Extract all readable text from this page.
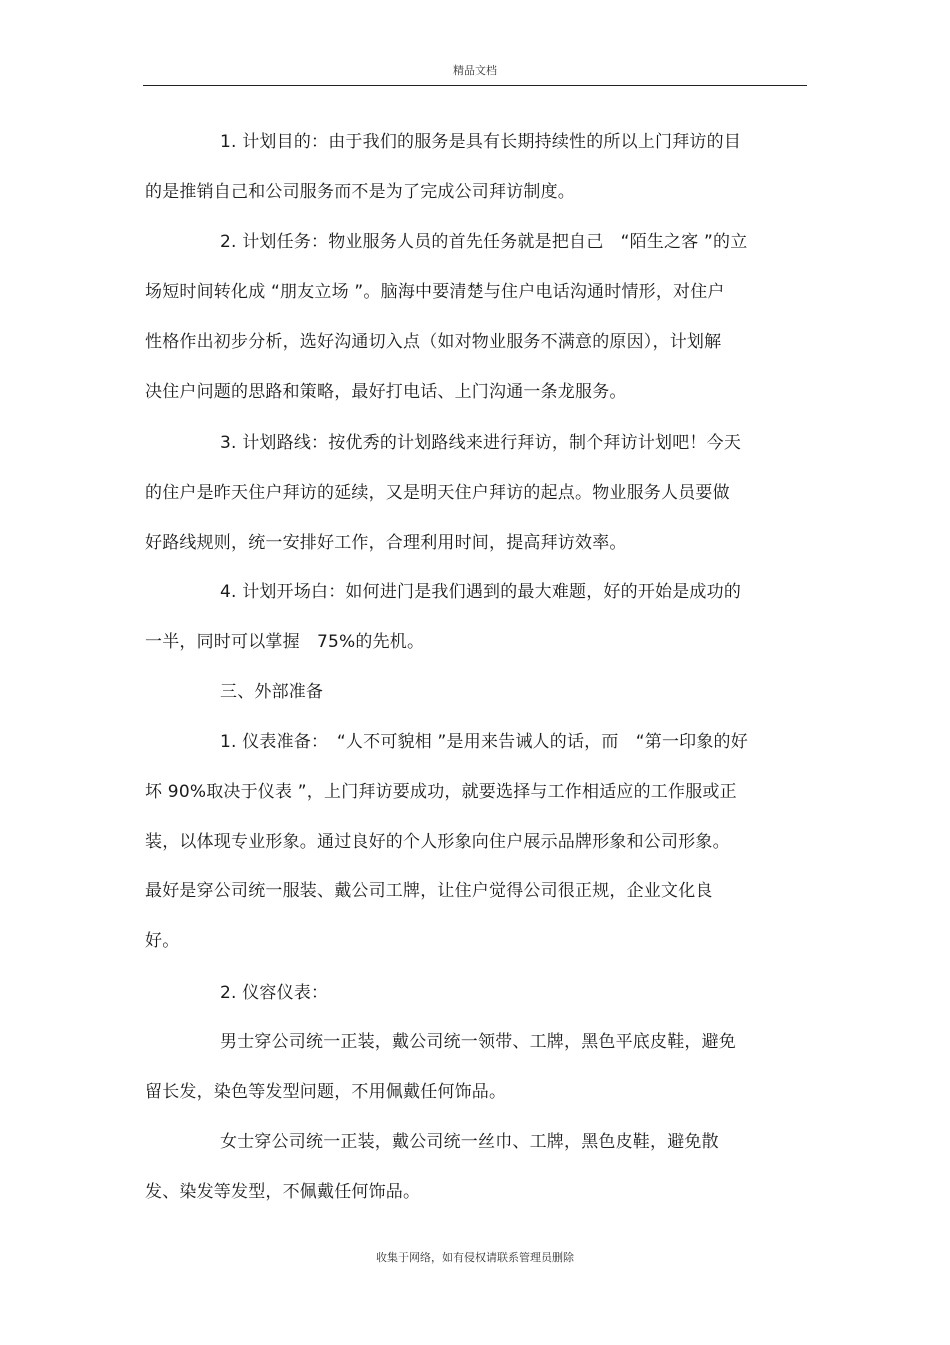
精品文档
1. 计划目的：由于我们的服务是具有长期持续性的所以上门拜访的目
的是推销自己和公司服务而不是为了完成公司拜访制度。
2. 计划任务：物业服务人员的首先任务就是把自己　“陌生之客 ”的立
场短时间转化成 “朋友立场 ”。脑海中要清楚与住户电话沟通时情形，对住户
性格作出初步分析，选好沟通切入点（如对物业服务不满意的原因），计划解
决住户问题的思路和策略，最好打电话、上门沟通一条龙服务。
3. 计划路线：按优秀的计划路线来进行拜访，制个拜访计划吧！今天
的住户是昨天住户拜访的延续，又是明天住户拜访的起点。物业服务人员要做
好路线规则，统一安排好工作，合理利用时间，提高拜访效率。
4. 计划开场白：如何进门是我们遇到的最大难题，好的开始是成功的
一半，同时可以掌握　75%的先机。
三、外部准备
1. 仪表准备：　“人不可貌相 ”是用来告诫人的话，而　“第一印象的好
坏 90%取决于仪表 ”，上门拜访要成功，就要选择与工作相适应的工作服或正
装，以体现专业形象。通过良好的个人形象向住户展示品牌形象和公司形象。
最好是穿公司统一服装、戴公司工牌，让住户觉得公司很正规，企业文化良
好。
2. 仪容仪表：
男士穿公司统一正装，戴公司统一领带、工牌，黑色平底皮鞋，避免
留长发，染色等发型问题，不用佩戴任何饰品。
女士穿公司统一正装，戴公司统一丝巾、工牌，黑色皮鞋，避免散
发、染发等发型，不佩戴任何饰品。
收集于网络，如有侵权请联系管理员删除
